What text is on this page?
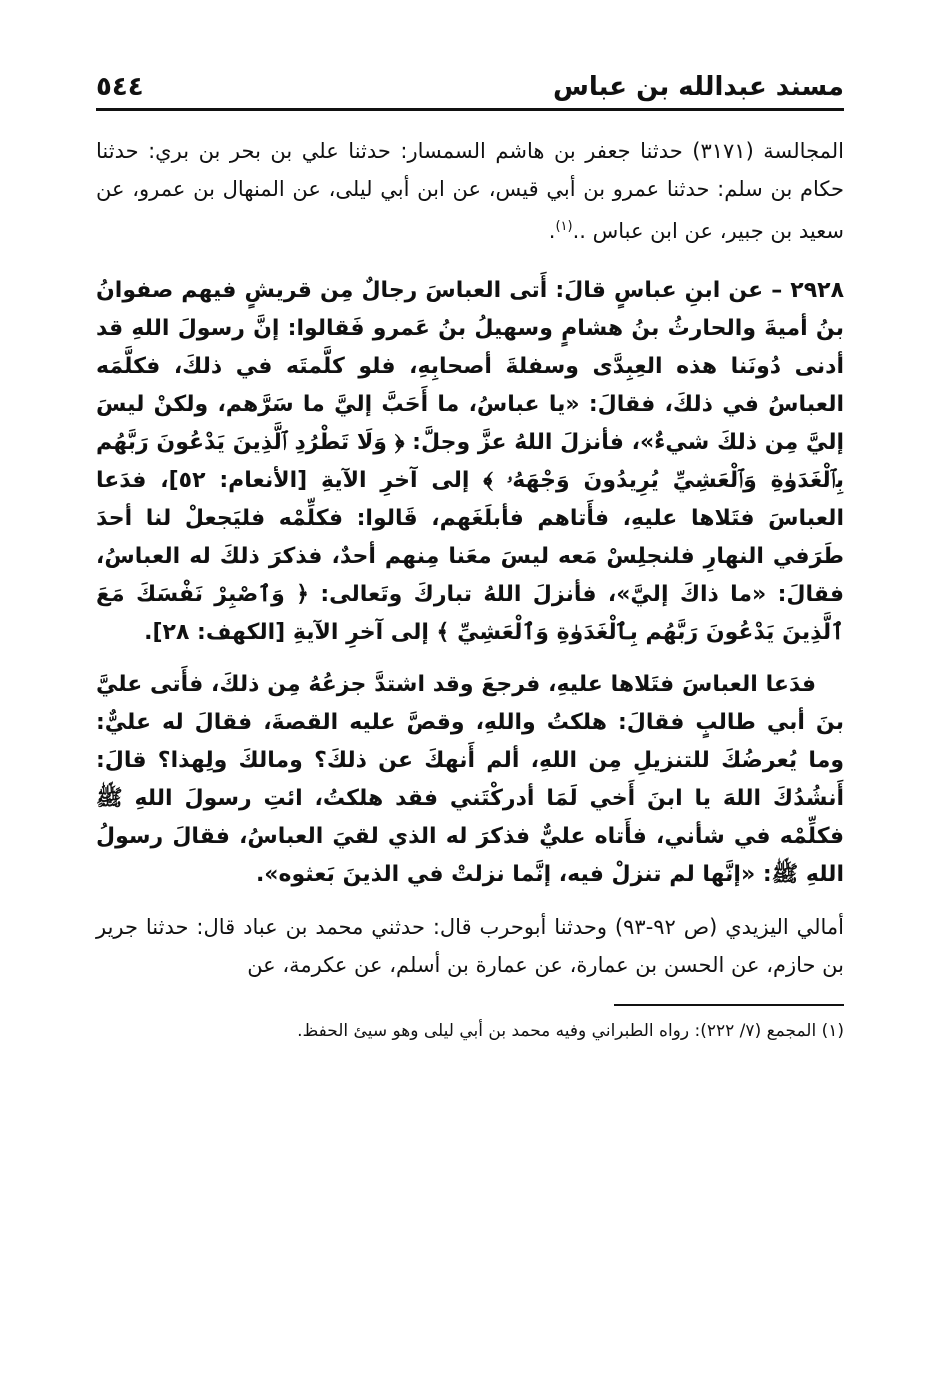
مسند عبدالله بن عباس
٥٤٤
المجالسة (٣١٧١) حدثنا جعفر بن هاشم السمسار: حدثنا علي بن بحر بن بري: حدثنا حكام بن سلم: حدثنا عمرو بن أبي قيس، عن ابن أبي ليلى، عن المنهال بن عمرو، عن سعيد بن جبير، عن ابن عباس ..$^{(١)}$.

٢٩٢٨ – عن ابنِ عباسٍ قالَ: أَتى العباسَ رجالٌ مِن قريشٍ فيهم صفوانُ بنُ أميةَ والحارثُ بنُ هشامٍ وسهيلُ بنُ عَمرو فَقالوا: إنَّ رسولَ اللهِ قد أدنى دُونَنا هذه العِبِدَّى وسفلةَ أصحابِهِ، فلو كلَّمتَه في ذلكَ، فكلَّمَه العباسُ في ذلكَ، فقالَ: «يا عباسُ، ما أَحَبَّ إليَّ ما سَرَّهم، ولكنْ ليسَ إليَّ مِن ذلكَ شيءٌ»، فأنزلَ اللهُ عزَّ وجلَّ: ﴿ وَلَا تَطْرُدِ ٱلَّذِينَ يَدْعُونَ رَبَّهُم بِٱلْغَدَوٰةِ وَٱلْعَشِيِّ يُرِيدُونَ وَجْهَهُۥ ﴾ إلى آخرِ الآيةِ [الأنعام: ٥٢]، فدَعا العباسَ فتَلاها عليهِ، فأَتاهم فأبلَغَهم، قَالوا: فكلِّمْه فليَجعلْ لنا أحدَ طَرَفي النهارِ فلنجلِسْ مَعه ليسَ معَنا مِنهم أحدٌ، فذكرَ ذلكَ له العباسُ، فقالَ: «ما ذاكَ إليَّ»، فأنزلَ اللهُ تباركَ وتَعالى: ﴿ وَٱصْبِرْ نَفْسَكَ مَعَ ٱلَّذِينَ يَدْعُونَ رَبَّهُم بِٱلْغَدَوٰةِ وَٱلْعَشِيِّ ﴾ إلى آخرِ الآيةِ [الكهف: ٢٨].

فدَعا العباسَ فتَلاها عليهِ، فرجعَ وقد اشتدَّ جزعُهُ مِن ذلكَ، فأَتى عليَّ بنَ أبي طالبٍ فقالَ: هلكتُ واللهِ، وقصَّ عليه القصةَ، فقالَ له عليٌّ: وما يُعرضُكَ للتنزيلِ مِن اللهِ، ألم أَنهكَ عن ذلكَ؟ ومالكَ ولِهذا؟ قالَ: أَنشُدُكَ اللهَ يا ابنَ أَخي لَمَا أدركْتَني فقد هلكتُ، ائتِ رسولَ اللهِ ﷺ فكلِّمْه في شأني، فأَتاه عليٌّ فذكرَ له الذي لقيَ العباسُ، فقالَ رسولُ اللهِ ﷺ: «إنَّها لم تنزلْ فيه، إنَّما نزلتْ في الذينَ بَعثوه».

أمالي اليزيدي (ص ٩٢-٩٣) وحدثنا أبوحرب قال: حدثني محمد بن عباد قال: حدثنا جرير بن حازم، عن الحسن بن عمارة، عن عمارة بن أسلم، عن عكرمة، عن
(١) المجمع (٧/ ٢٢٢): رواه الطبراني وفيه محمد بن أبي ليلى وهو سيئ الحفظ.
